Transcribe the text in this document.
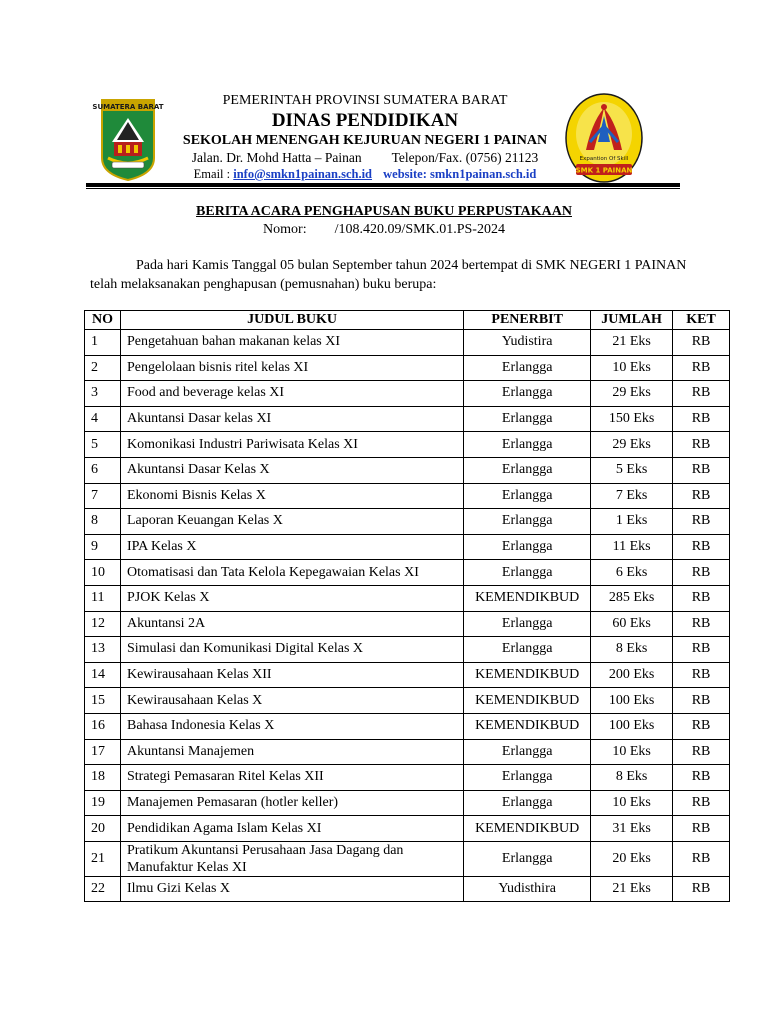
SUMATERA BARAT	PEMERINTAH PROVINSI SUMATERA BARAT
DINAS PENDIDIKAN
SEKOLAH MENENGAH KEJURUAN NEGERI 1 PAINAN
Jalan. Dr. Mohd Hatta – Painan Telepon/Fax. (0756) 21123
Email : info@smkn1painan.sch.id website: smkn1painan.sch.id
Expantion Of Skill
SMK 1 PAINAN
BERITA ACARA PENGHAPUSAN BUKU PERPUSTAKAAN
Nomor: /108.420.09/SMK.01.PS-2024
Pada hari Kamis Tanggal 05 bulan September tahun 2024 bertempat di SMK NEGERI 1 PAINAN telah melaksanakan penghapusan (pemusnahan) buku berupa:
NO	JUDUL BUKU	PENERBIT	JUMLAH	KET
1	Pengetahuan bahan makanan kelas XI	Yudistira	21 Eks	RB
2	Pengelolaan bisnis ritel kelas XI	Erlangga	10 Eks	RB
3	Food and beverage kelas XI	Erlangga	29 Eks	RB
4	Akuntansi Dasar kelas XI	Erlangga	150 Eks	RB
5	Komonikasi Industri Pariwisata Kelas XI	Erlangga	29 Eks	RB
6	Akuntansi Dasar Kelas X	Erlangga	5 Eks	RB
7	Ekonomi Bisnis Kelas X	Erlangga	7 Eks	RB
8	Laporan Keuangan Kelas X	Erlangga	1 Eks	RB
9	IPA Kelas X	Erlangga	11 Eks	RB
10	Otomatisasi dan Tata Kelola Kepegawaian Kelas XI	Erlangga	6 Eks	RB
11	PJOK Kelas X	KEMENDIKBUD	285 Eks	RB
12	Akuntansi 2A	Erlangga	60 Eks	RB
13	Simulasi dan Komunikasi Digital Kelas X	Erlangga	8 Eks	RB
14	Kewirausahaan Kelas XII	KEMENDIKBUD	200 Eks	RB
15	Kewirausahaan Kelas X	KEMENDIKBUD	100 Eks	RB
16	Bahasa Indonesia Kelas X	KEMENDIKBUD	100 Eks	RB
17	Akuntansi Manajemen	Erlangga	10 Eks	RB
18	Strategi Pemasaran Ritel Kelas XII	Erlangga	8 Eks	RB
19	Manajemen Pemasaran (hotler keller)	Erlangga	10 Eks	RB
20	Pendidikan Agama Islam Kelas XI	KEMENDIKBUD	31 Eks	RB
21	Pratikum Akuntansi Perusahaan Jasa Dagang dan Manufaktur Kelas XI	Erlangga	20 Eks	RB
22	Ilmu Gizi Kelas X	Yudisthira	21 Eks	RB
